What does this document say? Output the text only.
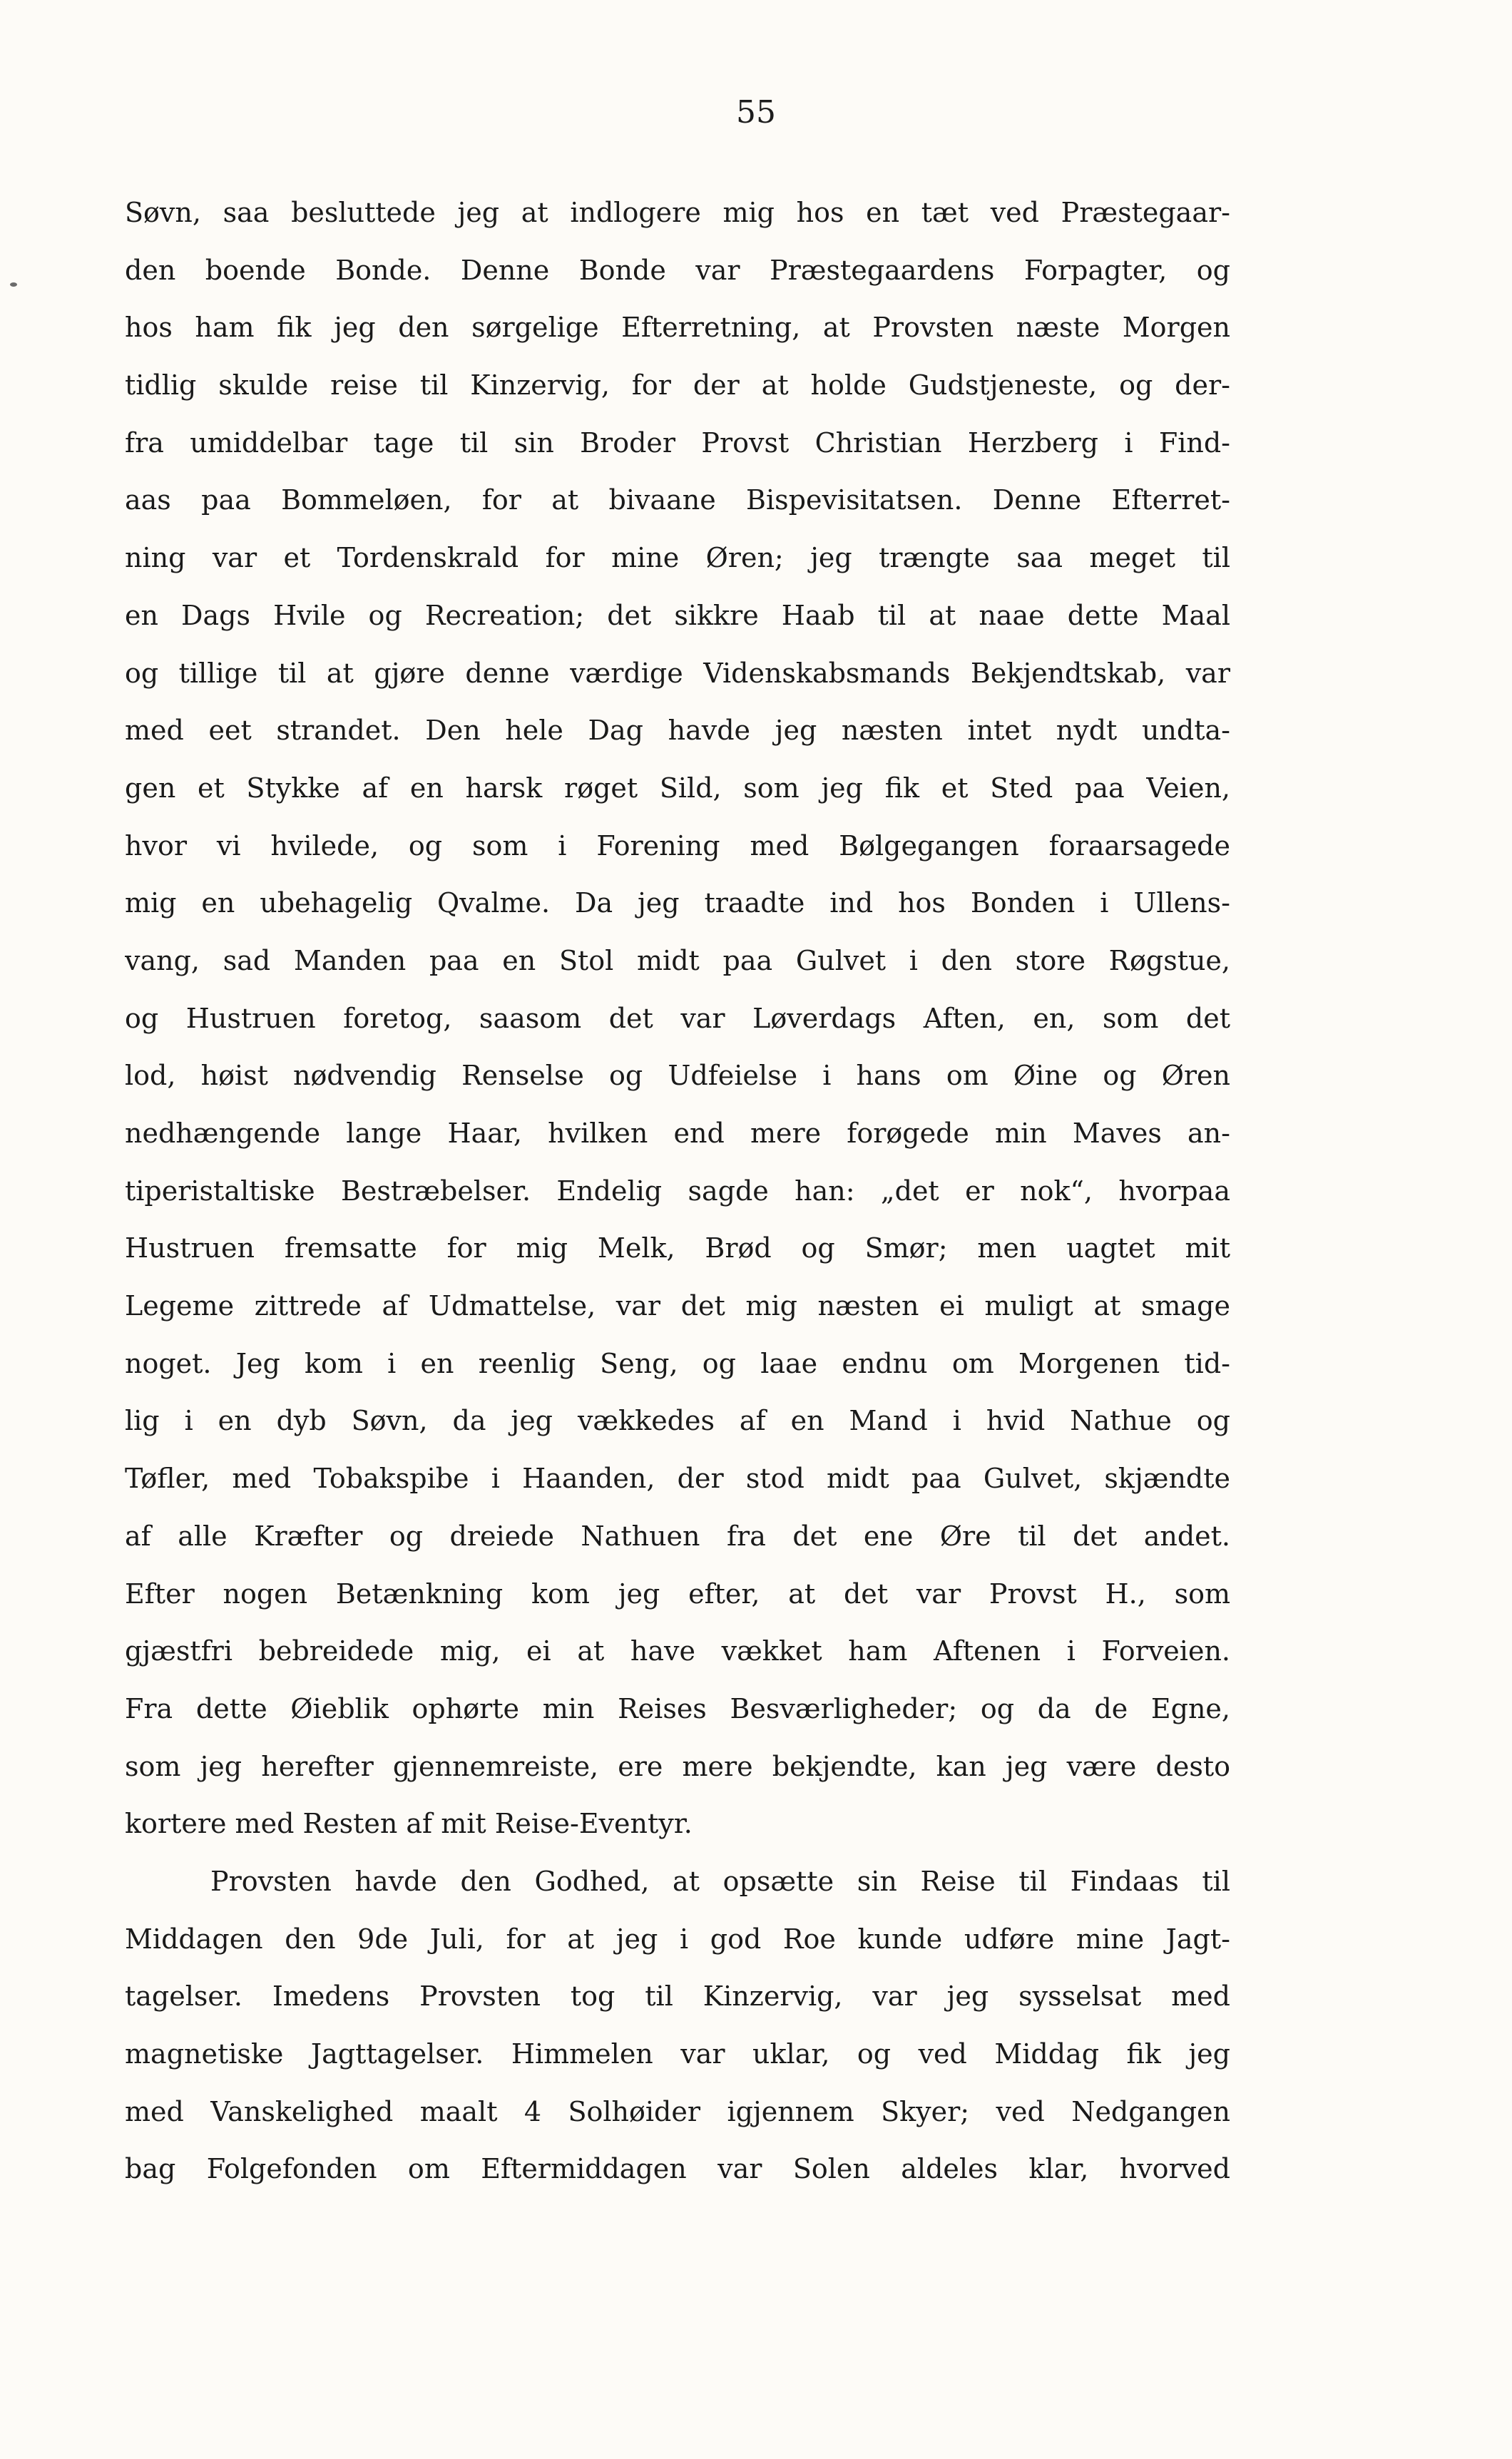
55
Søvn, saa besluttede jeg at indlogere mig hos en tæt ved Præstegaar-
den boende Bonde. Denne Bonde var Præstegaardens Forpagter, og
hos ham fik jeg den sørgelige Efterretning, at Provsten næste Morgen
tidlig skulde reise til Kinzervig, for der at holde Gudstjeneste, og der-
fra umiddelbar tage til sin Broder Provst Christian Herzberg i Find-
aas paa Bommeløen, for at bivaane Bispevisitatsen. Denne Efterret-
ning var et Tordenskrald for mine Øren; jeg trængte saa meget til
en Dags Hvile og Recreation; det sikkre Haab til at naae dette Maal
og tillige til at gjøre denne værdige Videnskabsmands Bekjendtskab, var
med eet strandet. Den hele Dag havde jeg næsten intet nydt undta-
gen et Stykke af en harsk røget Sild, som jeg fik et Sted paa Veien,
hvor vi hvilede, og som i Forening med Bølgegangen foraarsagede
mig en ubehagelig Qvalme. Da jeg traadte ind hos Bonden i Ullens-
vang, sad Manden paa en Stol midt paa Gulvet i den store Røgstue,
og Hustruen foretog, saasom det var Løverdags Aften, en, som det
lod, høist nødvendig Renselse og Udfeielse i hans om Øine og Øren
nedhængende lange Haar, hvilken end mere forøgede min Maves an-
tiperistaltiske Bestræbelser. Endelig sagde han: „det er nok“, hvorpaa
Hustruen fremsatte for mig Melk, Brød og Smør; men uagtet mit
Legeme zittrede af Udmattelse, var det mig næsten ei muligt at smage
noget. Jeg kom i en reenlig Seng, og laae endnu om Morgenen tid-
lig i en dyb Søvn, da jeg vækkedes af en Mand i hvid Nathue og
Tøfler, med Tobakspibe i Haanden, der stod midt paa Gulvet, skjændte
af alle Kræfter og dreiede Nathuen fra det ene Øre til det andet.
Efter nogen Betænkning kom jeg efter, at det var Provst H., som
gjæstfri bebreidede mig, ei at have vækket ham Aftenen i Forveien.
Fra dette Øieblik ophørte min Reises Besværligheder; og da de Egne,
som jeg herefter gjennemreiste, ere mere bekjendte, kan jeg være desto
kortere med Resten af mit Reise-Eventyr.
Provsten havde den Godhed, at opsætte sin Reise til Findaas til
Middagen den 9de Juli, for at jeg i god Roe kunde udføre mine Jagt-
tagelser. Imedens Provsten tog til Kinzervig, var jeg sysselsat med
magnetiske Jagttagelser. Himmelen var uklar, og ved Middag fik jeg
med Vanskelighed maalt 4 Solhøider igjennem Skyer; ved Nedgangen
bag Folgefonden om Eftermiddagen var Solen aldeles klar, hvorved
